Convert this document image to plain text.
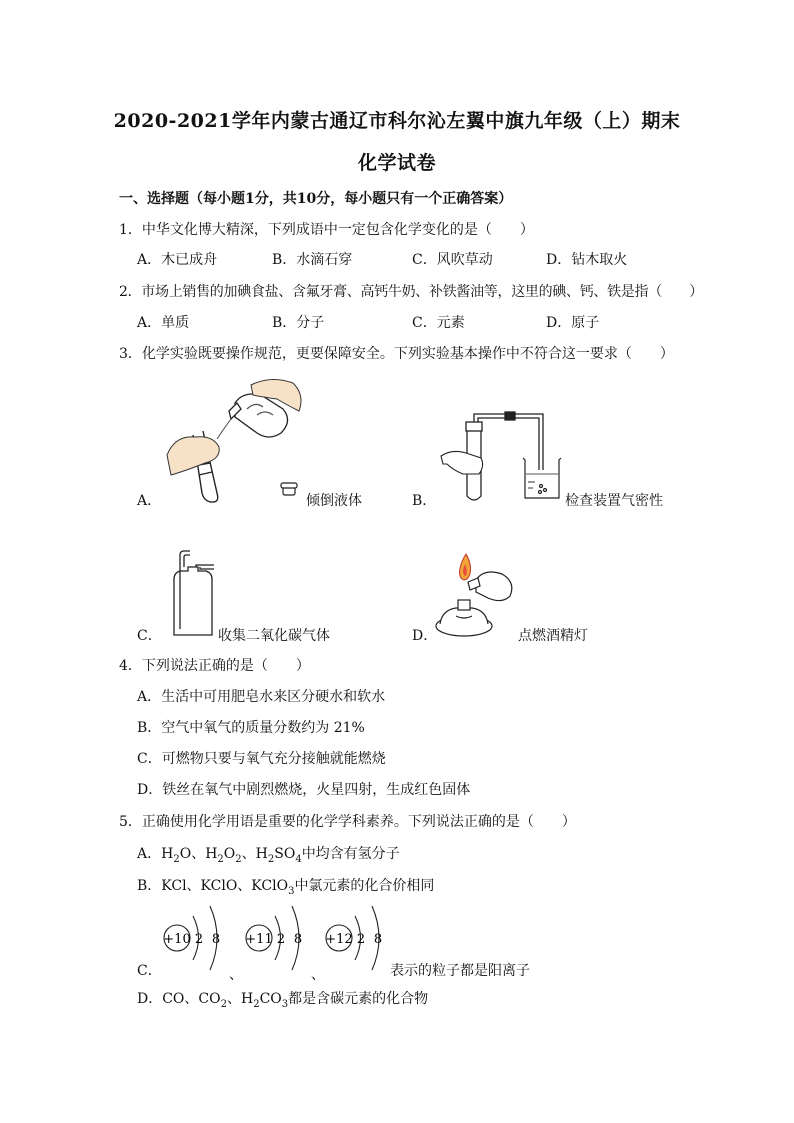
2020-2021学年内蒙古通辽市科尔沁左翼中旗九年级（上）期末
化学试卷
一、选择题（每小题1分，共10分，每小题只有一个正确答案）
1．中华文化博大精深，下列成语中一定包含化学变化的是（　　）
A．木已成舟	B．水滴石穿	C．风吹草动	D．钻木取火
2．市场上销售的加碘食盐、含氟牙膏、高钙牛奶、补铁酱油等，这里的碘、钙、铁是指（　　）
A．单质	B．分子	C．元素	D．原子
3．化学实验既要操作规范，更要保障安全。下列实验基本操作中不符合这一要求（　　）
A．	倾倒液体	B．	检查装置气密性
C．	收集二氧化碳气体	D．	点燃酒精灯
4．下列说法正确的是（　　）
A．生活中可用肥皂水来区分硬水和软水
B．空气中氧气的质量分数约为 21%
C．可燃物只要与氧气充分接触就能燃烧
D．铁丝在氧气中剧烈燃烧，火星四射，生成红色固体
5．正确使用化学用语是重要的化学学科素养。下列说法正确的是（　　）
A．$H_2O$、$H_2O_2$、$H_2SO_4$中均含有氢分子
B．KCl、KClO、KClO$_3$中氯元素的化合价相同
C．
+10 2 8 +11 2 8 +12 2 8
、	、	表示的粒子都是阳离子
D．CO、$CO_2$、$H_2CO_3$都是含碳元素的化合物
